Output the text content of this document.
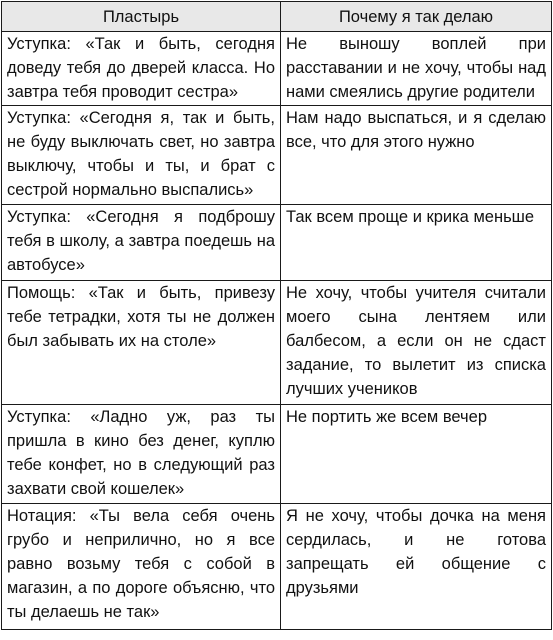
Пластырь	Почему я так делаю
Уступка: «Так и быть, сегодня доведу тебя до дверей класса. Но завтра тебя проводит сестра»	Не выношу воплей при расставании и не хочу, чтобы над нами смеялись другие родители
Уступка: «Сегодня я, так и быть, не буду выключать свет, но завтра выключу, чтобы и ты, и брат с сестрой нормально выспались»	Нам надо выспаться, и я сделаю все, что для этого нужно
Уступка: «Сегодня я подброшу тебя в школу, а завтра поедешь на автобусе»	Так всем проще и крика меньше
Помощь: «Так и быть, привезу тебе тетрадки, хотя ты не должен был забывать их на столе»	Не хочу, чтобы учителя считали моего сына лентяем или балбесом, а если он не сдаст задание, то вылетит из списка лучших учеников
Уступка: «Ладно уж, раз ты пришла в кино без денег, куплю тебе конфет, но в следующий раз захвати свой кошелек»	Не портить же всем вечер
Нотация: «Ты вела себя очень грубо и неприлично, но я все равно возьму тебя с собой в магазин, а по дороге объясню, что ты делаешь не так»	Я не хочу, чтобы дочка на меня сердилась, и не готова запрещать ей общение с друзьями
